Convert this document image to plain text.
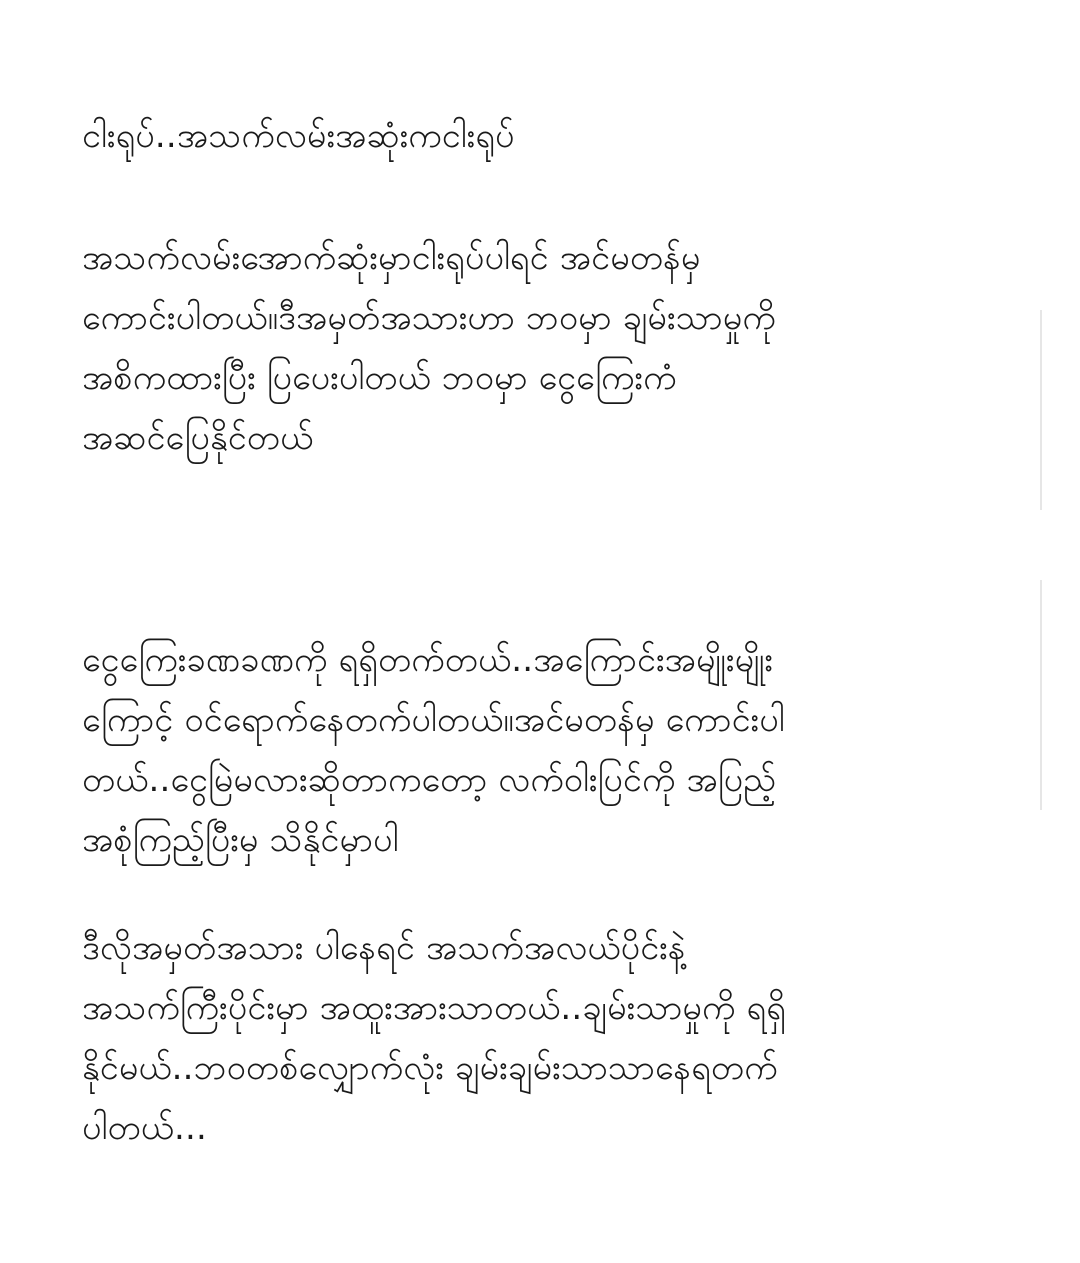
ငါးရုပ်..အသက်လမ်းအဆုံးကငါးရုပ်
အသက်လမ်းအောက်ဆုံးမှာငါးရုပ်ပါရင် အင်မတန်မှ
ကောင်းပါတယ်။ဒီအမှတ်အသားဟာ ဘဝမှာ ချမ်းသာမှုကို
အစိကထားပြီး ပြပေးပါတယ် ဘဝမှာ ငွေကြေးကံ
အဆင်ပြေနိုင်တယ်
ငွေကြေးခဏခဏကို ရရှိတက်တယ်..အကြောင်းအမျိုးမျိုး
ကြောင့် ဝင်ရောက်နေတက်ပါတယ်။အင်မတန်မှ ကောင်းပါ
တယ်..ငွေမြဲမလားဆိုတာကတော့ လက်ဝါးပြင်ကို အပြည့်
အစုံကြည့်ပြီးမှ သိနိုင်မှာပါ
ဒီလိုအမှတ်အသား ပါနေရင် အသက်အလယ်ပိုင်းနဲ့
အသက်ကြီးပိုင်းမှာ အထူးအားသာတယ်..ချမ်းသာမှုကို ရရှိ
နိုင်မယ်..ဘဝတစ်လျှောက်လုံး ချမ်းချမ်းသာသာနေရတက်
ပါတယ်...
